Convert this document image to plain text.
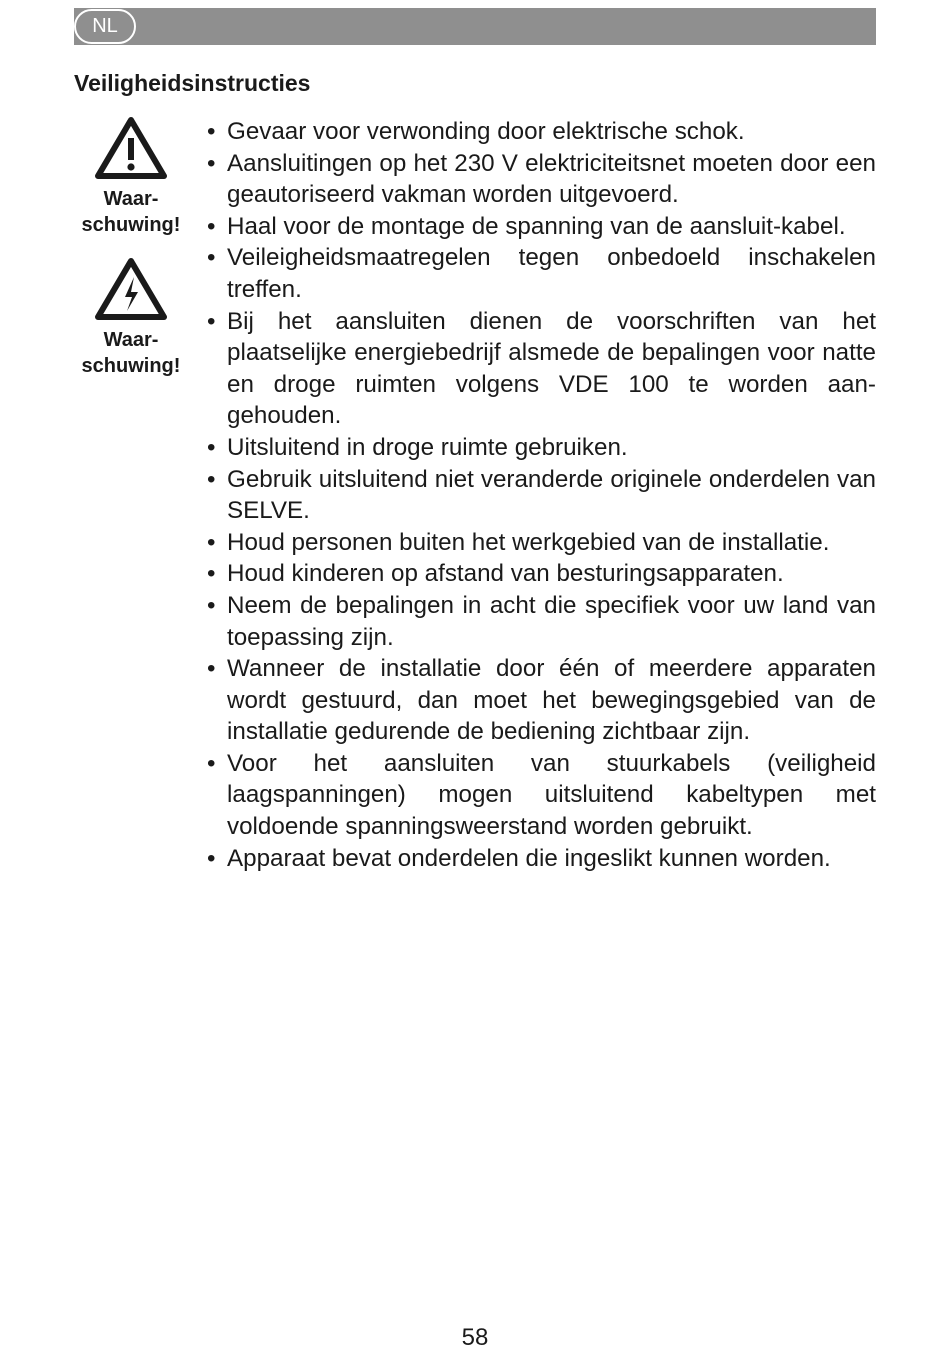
NL
Veiligheidsinstructies
Waar-
schuwing!
Waar-
schuwing!
• Gevaar voor verwonding door elektrische schok.
• Aansluitingen op het 230 V elektriciteitsnet moeten door een geautoriseerd vakman worden uitgevoerd.
• Haal voor de montage de spanning van de aansluit-kabel.
• Veileigheidsmaatregelen tegen onbedoeld inschakelen treffen.
• Bij het aansluiten dienen de voorschriften van het plaatselijke energiebedrijf alsmede de bepalingen voor natte en droge ruimten volgens VDE 100 te worden aan-gehouden.
• Uitsluitend in droge ruimte gebruiken.
• Gebruik uitsluitend niet veranderde originele onderdelen van SELVE.
• Houd personen buiten het werkgebied van de installatie.
• Houd kinderen op afstand van besturingsapparaten.
• Neem de bepalingen in acht die specifiek voor uw land van toepassing zijn.
• Wanneer de installatie door één of meerdere apparaten wordt gestuurd, dan moet het bewegingsgebied van de installatie gedurende de bediening zichtbaar zijn.
• Voor het aansluiten van stuurkabels (veiligheid laagspanningen) mogen uitsluitend kabeltypen met voldoende spanningsweerstand worden gebruikt.
• Apparaat bevat onderdelen die ingeslikt kunnen worden.
58
